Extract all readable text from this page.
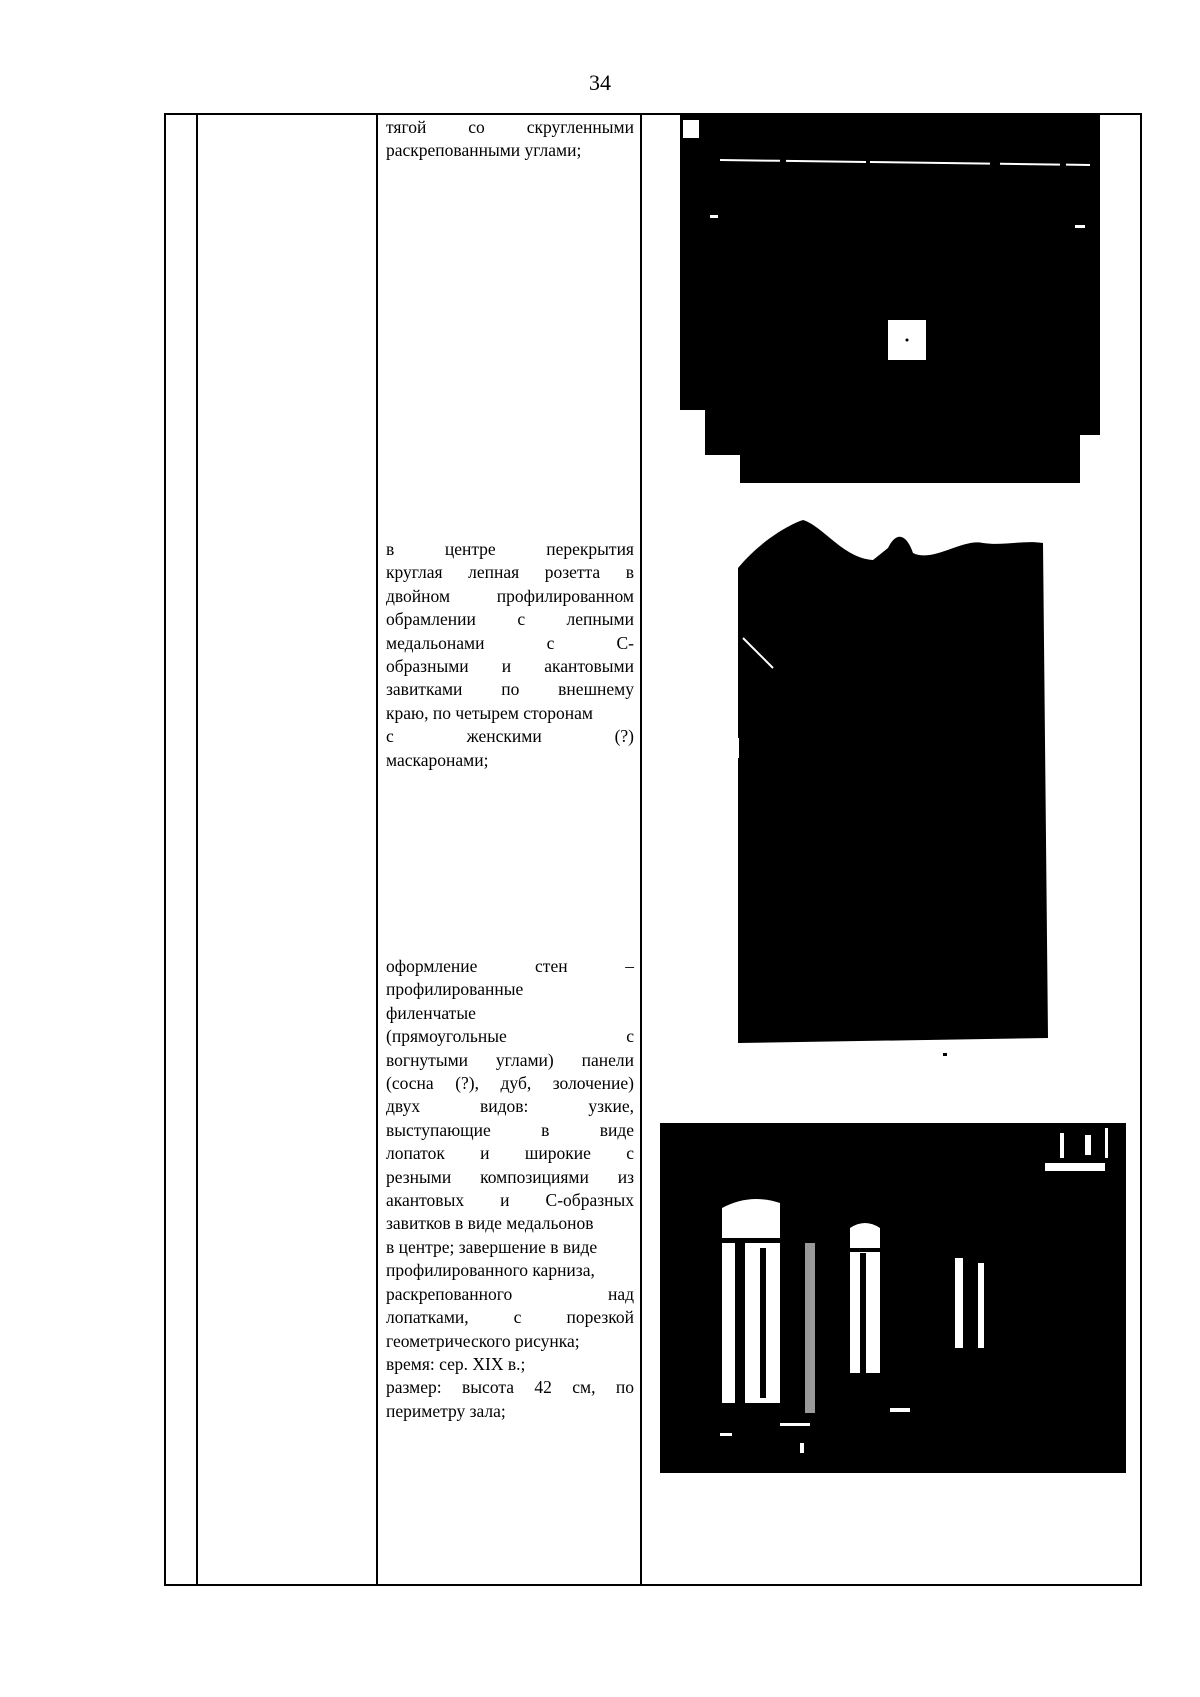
34
тягой со скругленными
раскрепованными углами;
в центре перекрытия
круглая лепная розетта в
двойном профилированном
обрамлении с лепными
медальонами с С-
образными и акантовыми
завитками по внешнему
краю, по четырем сторонам
с женскими (?)
маскаронами;
оформление стен –
профилированные
филенчатые
(прямоугольные с
вогнутыми углами) панели
(сосна (?), дуб, золочение)
двух видов: узкие,
выступающие в виде
лопаток и широкие с
резными композициями из
акантовых и С-образных
завитков в виде медальонов
в центре; завершение в виде
профилированного карниза,
раскрепованного над
лопатками, с порезкой
геометрического рисунка;
время: сер. XIX в.;
размер: высота 42 см, по
периметру зала;
